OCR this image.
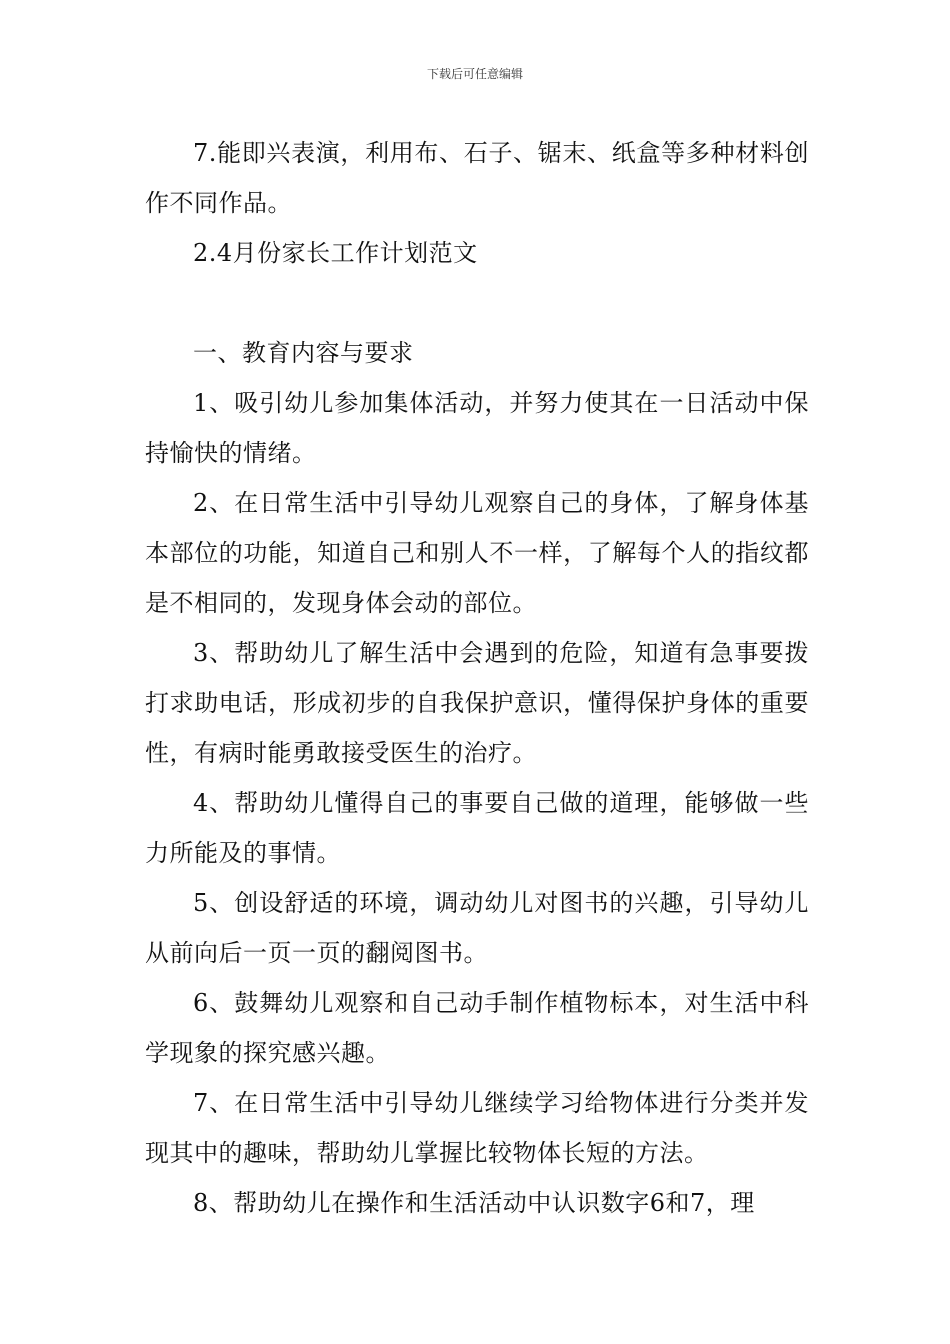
下载后可任意编辑

7.能即兴表演，利用布、石子、锯末、纸盒等多种材料创作不同作品。

2.4月份家长工作计划范文

一、教育内容与要求

1、吸引幼儿参加集体活动，并努力使其在一日活动中保持愉快的情绪。

2、在日常生活中引导幼儿观察自己的身体，了解身体基本部位的功能，知道自己和别人不一样，了解每个人的指纹都是不相同的，发现身体会动的部位。

3、帮助幼儿了解生活中会遇到的危险，知道有急事要拨打求助电话，形成初步的自我保护意识，懂得保护身体的重要性，有病时能勇敢接受医生的治疗。

4、帮助幼儿懂得自己的事要自己做的道理，能够做一些力所能及的事情。

5、创设舒适的环境，调动幼儿对图书的兴趣，引导幼儿从前向后一页一页的翻阅图书。

6、鼓舞幼儿观察和自己动手制作植物标本，对生活中科学现象的探究感兴趣。

7、在日常生活中引导幼儿继续学习给物体进行分类并发现其中的趣味，帮助幼儿掌握比较物体长短的方法。

8、帮助幼儿在操作和生活活动中认识数字6和7，理
